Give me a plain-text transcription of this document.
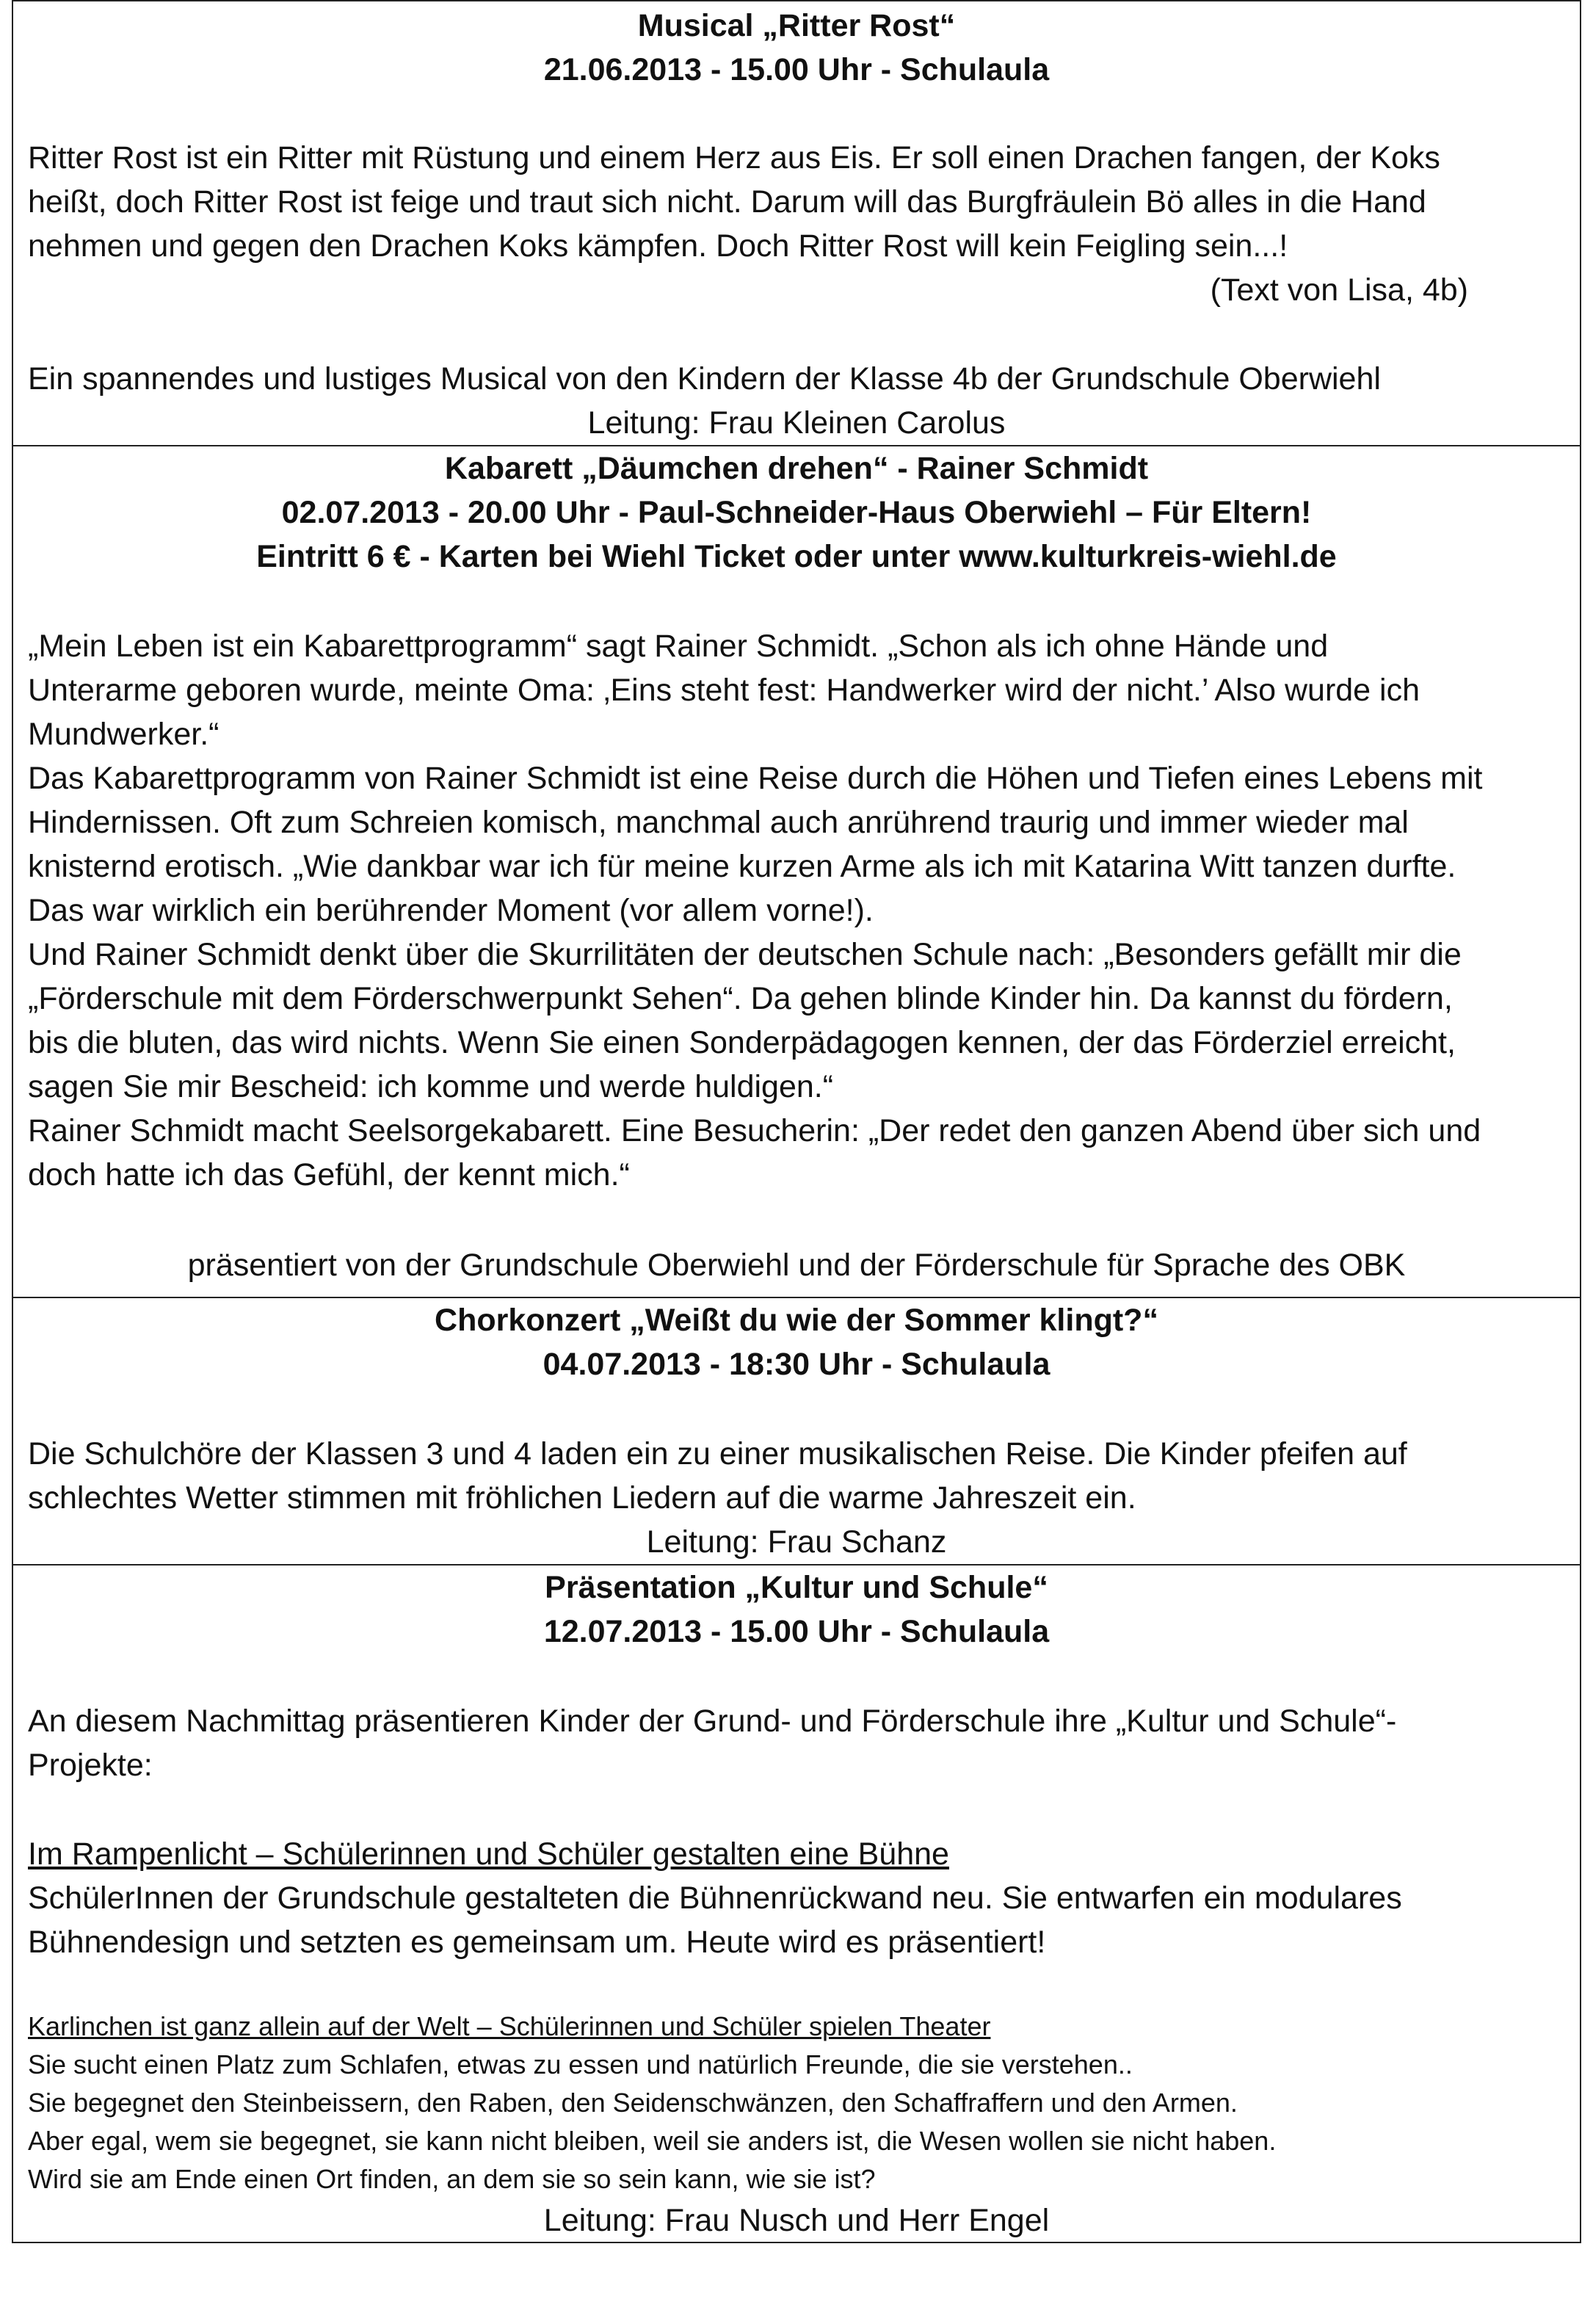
Musical „Ritter Rost“
21.06.2013 - 15.00 Uhr - Schulaula
Ritter Rost ist ein Ritter mit Rüstung und einem Herz aus Eis. Er soll einen Drachen fangen, der Koks
heißt, doch Ritter Rost ist feige und traut sich nicht. Darum will das Burgfräulein Bö alles in die Hand
nehmen und gegen den Drachen Koks kämpfen. Doch Ritter Rost will kein Feigling sein...!
(Text von Lisa, 4b)
Ein spannendes und lustiges Musical von den Kindern der Klasse 4b der Grundschule Oberwiehl
Leitung: Frau Kleinen Carolus
Kabarett „Däumchen drehen“ - Rainer Schmidt
02.07.2013 - 20.00 Uhr - Paul-Schneider-Haus Oberwiehl – Für Eltern!
Eintritt 6 € - Karten bei Wiehl Ticket oder unter www.kulturkreis-wiehl.de
„Mein Leben ist ein Kabarettprogramm“ sagt Rainer Schmidt. „Schon als ich ohne Hände und
Unterarme geboren wurde, meinte Oma: ‚Eins steht fest: Handwerker wird der nicht.’ Also wurde ich
Mundwerker.“
Das Kabarettprogramm von Rainer Schmidt ist eine Reise durch die Höhen und Tiefen eines Lebens mit
Hindernissen. Oft zum Schreien komisch, manchmal auch anrührend traurig und immer wieder mal
knisternd erotisch. „Wie dankbar war ich für meine kurzen Arme als ich mit Katarina Witt tanzen durfte.
Das war wirklich ein berührender Moment (vor allem vorne!).
Und Rainer Schmidt denkt über die Skurrilitäten der deutschen Schule nach: „Besonders gefällt mir die
„Förderschule mit dem Förderschwerpunkt Sehen“. Da gehen blinde Kinder hin. Da kannst du fördern,
bis die bluten, das wird nichts. Wenn Sie einen Sonderpädagogen kennen, der das Förderziel erreicht,
sagen Sie mir Bescheid: ich komme und werde huldigen.“
Rainer Schmidt macht Seelsorgekabarett. Eine Besucherin: „Der redet den ganzen Abend über sich und
doch hatte ich das Gefühl, der kennt mich.“
präsentiert von der Grundschule Oberwiehl und der Förderschule für Sprache des OBK
Chorkonzert „Weißt du wie der Sommer klingt?“
04.07.2013 - 18:30 Uhr - Schulaula
Die Schulchöre der Klassen 3 und 4 laden ein zu einer musikalischen Reise. Die Kinder pfeifen auf
schlechtes Wetter stimmen mit fröhlichen Liedern auf die warme Jahreszeit ein.
Leitung: Frau Schanz
Präsentation „Kultur und Schule“
12.07.2013 - 15.00 Uhr - Schulaula
An diesem Nachmittag präsentieren Kinder der Grund- und Förderschule ihre „Kultur und Schule“-
Projekte:
Im Rampenlicht – Schülerinnen und Schüler gestalten eine Bühne
SchülerInnen der Grundschule gestalteten die Bühnenrückwand neu. Sie entwarfen ein modulares
Bühnendesign und setzten es gemeinsam um. Heute wird es präsentiert!
Karlinchen ist ganz allein auf der Welt – Schülerinnen und Schüler spielen Theater
Sie sucht einen Platz zum Schlafen, etwas zu essen und natürlich Freunde, die sie verstehen..
Sie begegnet den Steinbeissern, den Raben, den Seidenschwänzen, den Schaffraffern und den Armen.
Aber egal, wem sie begegnet, sie kann nicht bleiben, weil sie anders ist, die Wesen wollen sie nicht haben.
Wird sie am Ende einen Ort finden, an dem sie so sein kann, wie sie ist?
Leitung: Frau Nusch und Herr Engel
